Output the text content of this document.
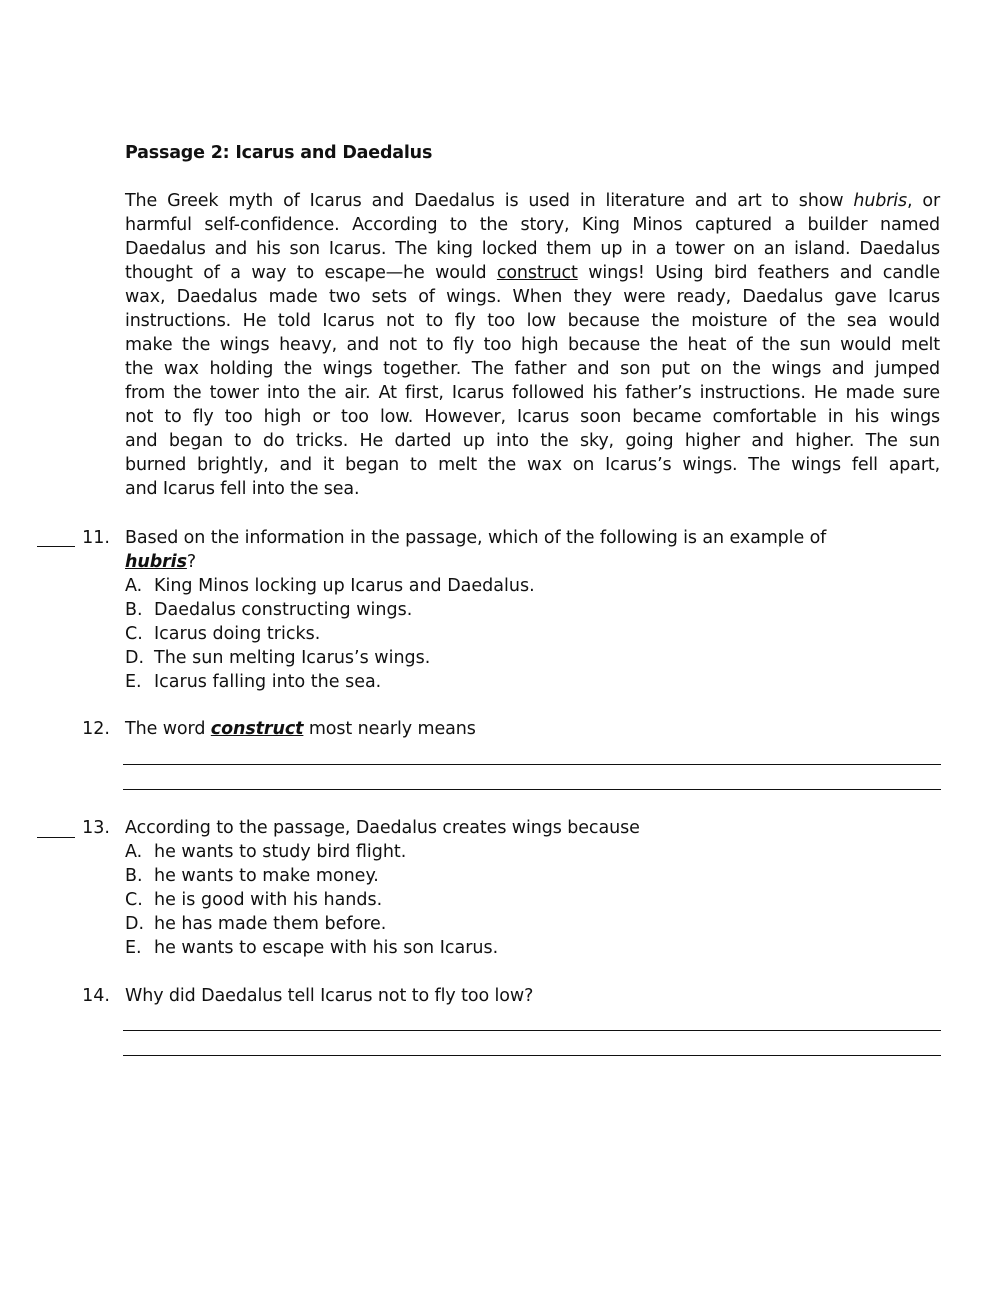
Passage 2: Icarus and Daedalus
The Greek myth of Icarus and Daedalus is used in literature and art to show hubris, or
harmful self-confidence. According to the story, King Minos captured a builder named
Daedalus and his son Icarus. The king locked them up in a tower on an island. Daedalus
thought of a way to escape—he would construct wings! Using bird feathers and candle
wax, Daedalus made two sets of wings. When they were ready, Daedalus gave Icarus
instructions. He told Icarus not to fly too low because the moisture of the sea would
make the wings heavy, and not to fly too high because the heat of the sun would melt
the wax holding the wings together. The father and son put on the wings and jumped
from the tower into the air. At first, Icarus followed his father’s instructions. He made sure
not to fly too high or too low. However, Icarus soon became comfortable in his wings
and began to do tricks. He darted up into the sky, going higher and higher. The sun
burned brightly, and it began to melt the wax on Icarus’s wings. The wings fell apart,
and Icarus fell into the sea.
11. Based on the information in the passage, which of the following is an example of
hubris?
A. King Minos locking up Icarus and Daedalus.
B. Daedalus constructing wings.
C. Icarus doing tricks.
D. The sun melting Icarus’s wings.
E. Icarus falling into the sea.
12. The word construct most nearly means
13. According to the passage, Daedalus creates wings because
A. he wants to study bird flight.
B. he wants to make money.
C. he is good with his hands.
D. he has made them before.
E. he wants to escape with his son Icarus.
14. Why did Daedalus tell Icarus not to fly too low?
